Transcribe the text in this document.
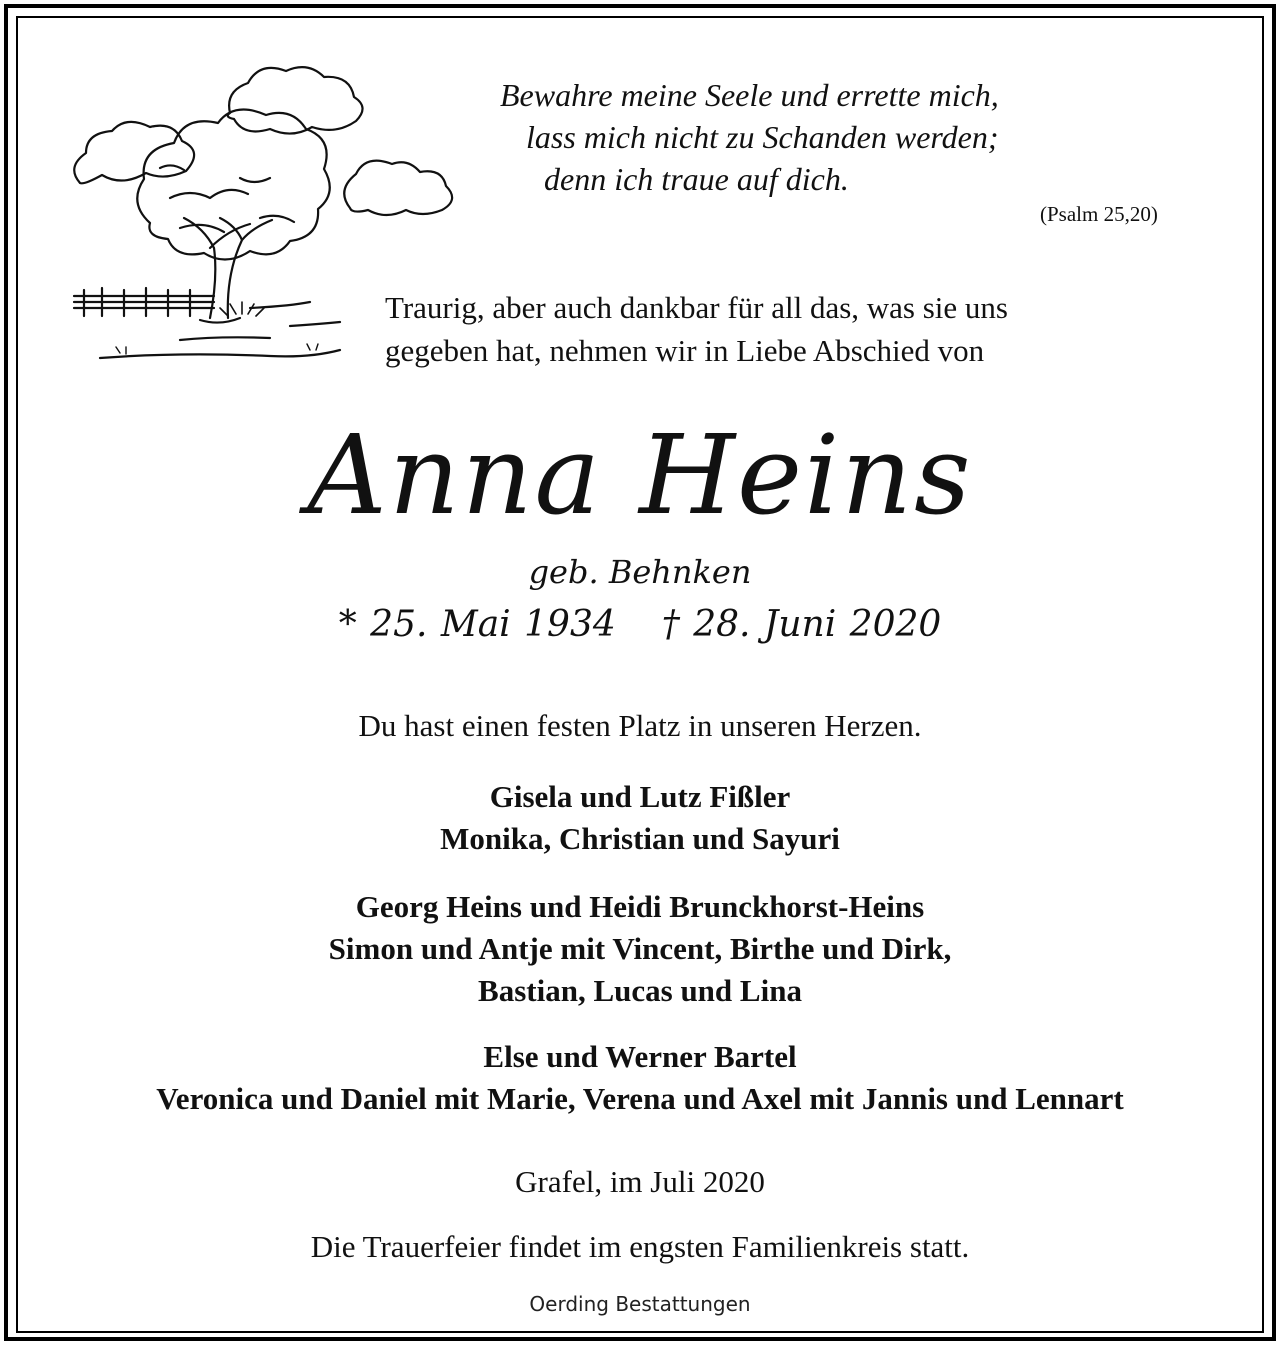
Bewahre meine Seele und errette mich,
lass mich nicht zu Schanden werden;
denn ich traue auf dich.
(Psalm 25,20)
Traurig, aber auch dankbar für all das, was sie uns
gegeben hat, nehmen wir in Liebe Abschied von
Anna Heins
geb. Behnken
* 25. Mai 1934 † 28. Juni 2020
Du hast einen festen Platz in unseren Herzen.
Gisela und Lutz Fißler
Monika, Christian und Sayuri
Georg Heins und Heidi Brunckhorst-Heins
Simon und Antje mit Vincent, Birthe und Dirk,
Bastian, Lucas und Lina
Else und Werner Bartel
Veronica und Daniel mit Marie, Verena und Axel mit Jannis und Lennart
Grafel, im Juli 2020
Die Trauerfeier findet im engsten Familienkreis statt.
Oerding Bestattungen
